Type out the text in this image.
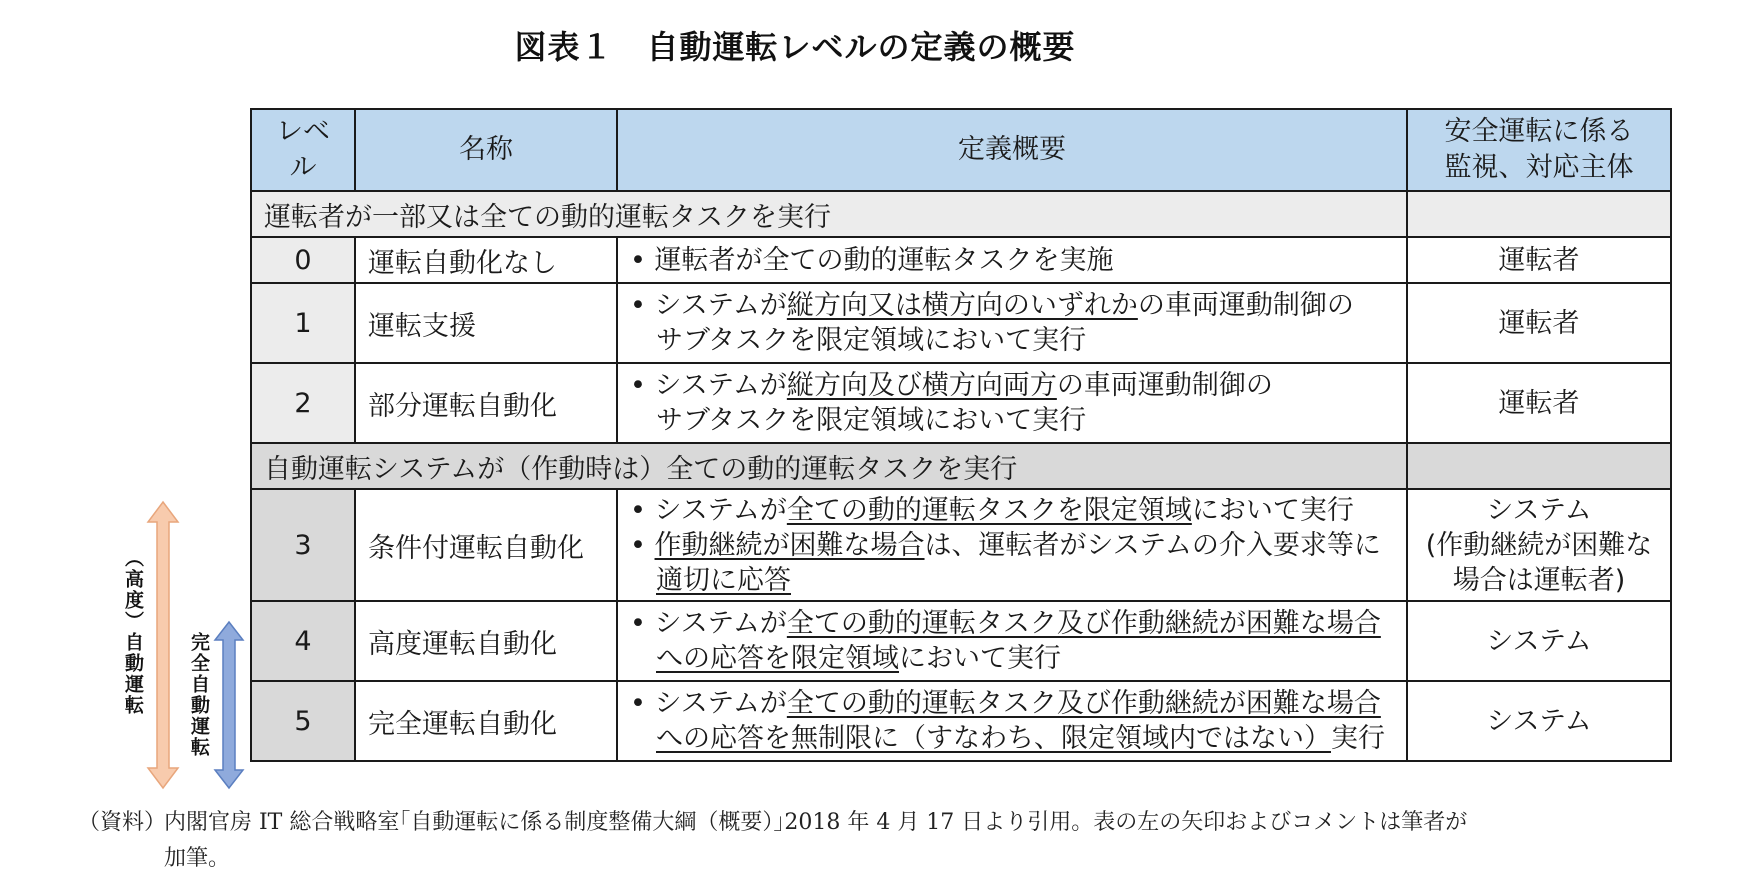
図表１　自動運転レベルの定義の概要
（高度）自動運転 完全自動運転
レベル	名称	定義概要	安全運転に係る
監視、対応主体

運転者が一部又は全ての動的運転タスクを実行			
0	運転自動化なし	• 運転者が全ての動的運転タスクを実施	運転者
1	運転支援	• システムが縦方向又は横方向のいずれかの車両運動制御の
サブタスクを限定領域において実行	運転者
2	部分運転自動化	• システムが縦方向及び横方向両方の車両運動制御の
サブタスクを限定領域において実行	運転者
自動運転システムが（作動時は）全ての動的運転タスクを実行			
3	条件付運転自動化	• システムが全ての動的運転タスクを限定領域において実行
• 作動継続が困難な場合は、運転者がシステムの介入要求等に
適切に応答	システム
(作動継続が困難な
場合は運転者)

4	高度運転自動化	• システムが全ての動的運転タスク及び作動継続が困難な場合
への応答を限定領域において実行	システム
5	完全運転自動化	• システムが全ての動的運転タスク及び作動継続が困難な場合
への応答を無制限に（すなわち、限定領域内ではない）実行	システム
（資料）内閣官房 IT 総合戦略室｢自動運転に係る制度整備大綱（概要）｣2018 年 4 月 17 日より引用。表の左の矢印およびコメントは筆者が
加筆。
